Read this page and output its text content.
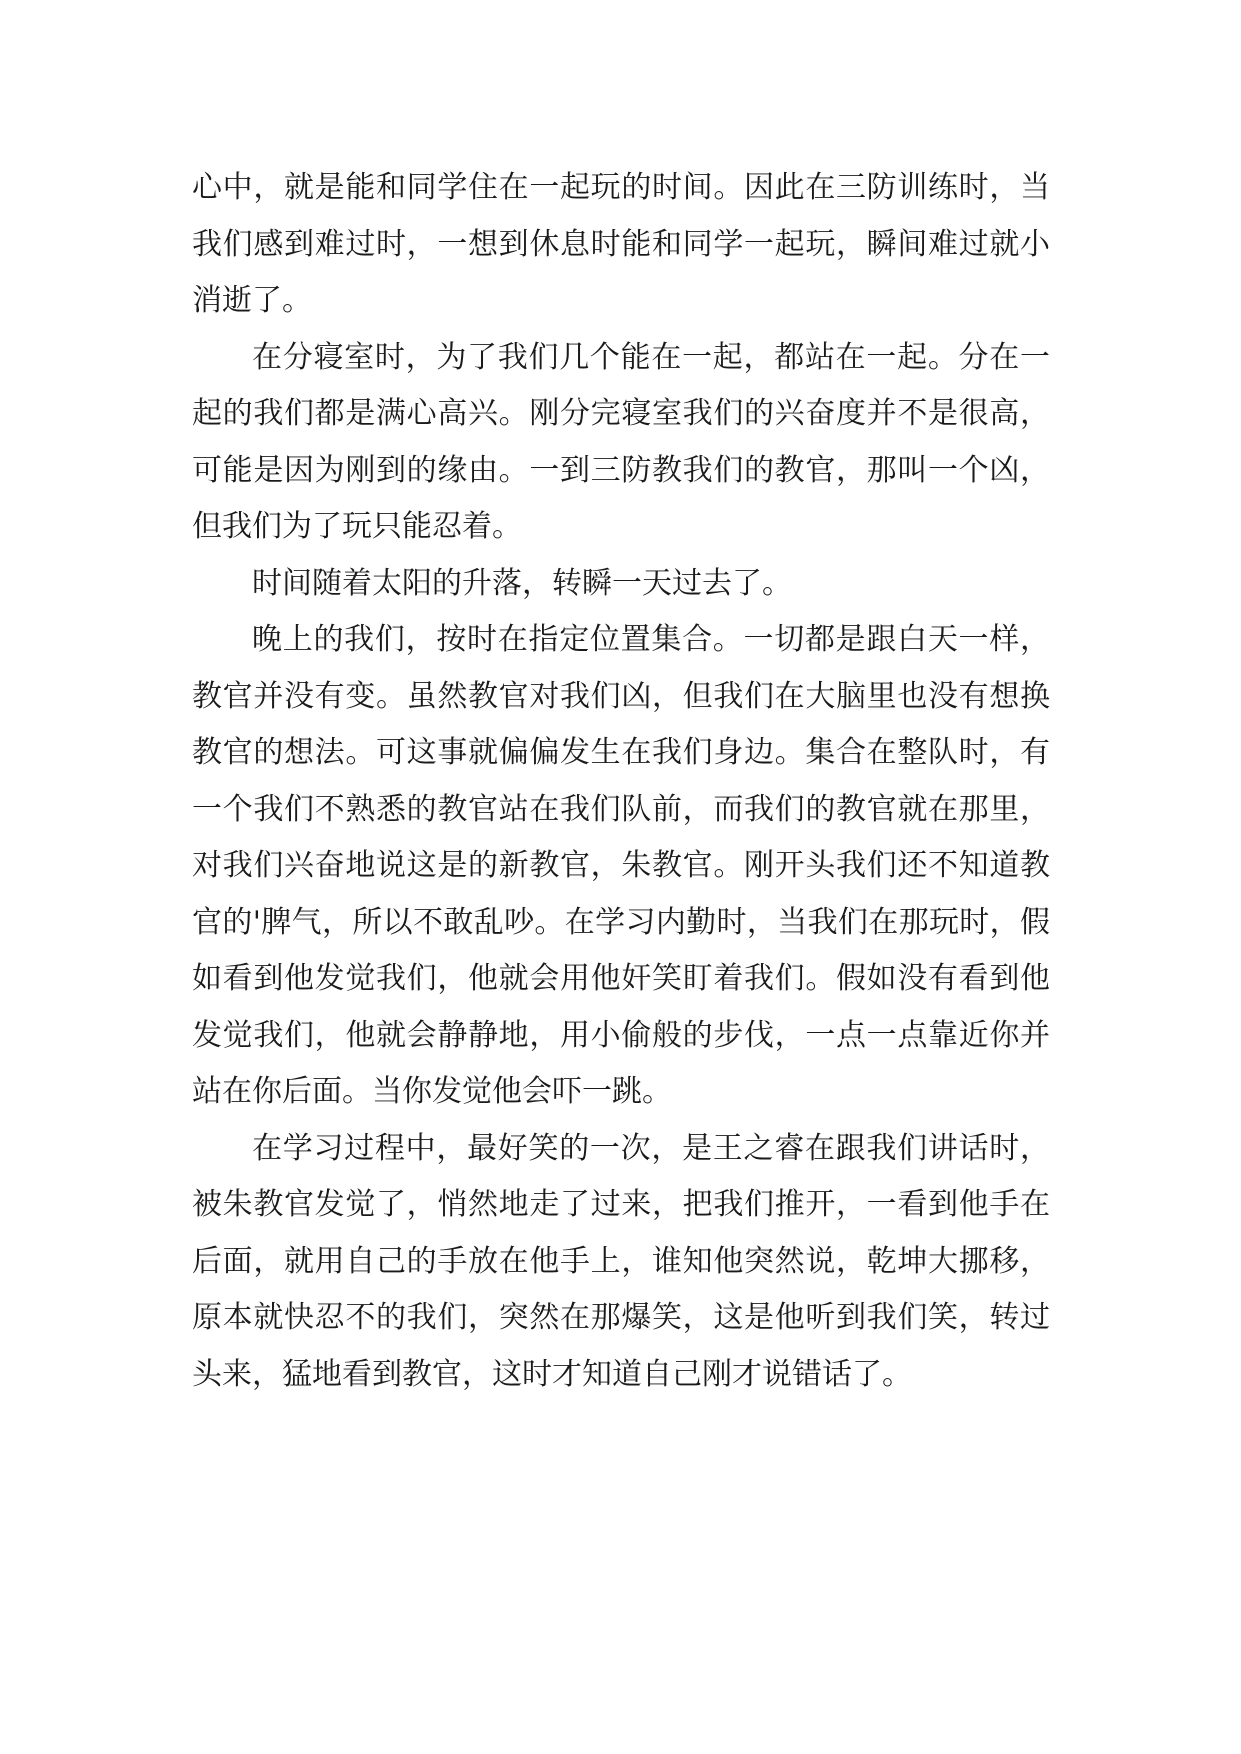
心中，就是能和同学住在一起玩的时间。因此在三防训练时，当我们感到难过时，一想到休息时能和同学一起玩，瞬间难过就小消逝了。

在分寝室时，为了我们几个能在一起，都站在一起。分在一起的我们都是满心高兴。刚分完寝室我们的兴奋度并不是很高，可能是因为刚到的缘由。一到三防教我们的教官，那叫一个凶，但我们为了玩只能忍着。

时间随着太阳的升落，转瞬一天过去了。

晚上的我们，按时在指定位置集合。一切都是跟白天一样，教官并没有变。虽然教官对我们凶，但我们在大脑里也没有想换教官的想法。可这事就偏偏发生在我们身边。集合在整队时，有一个我们不熟悉的教官站在我们队前，而我们的教官就在那里，对我们兴奋地说这是的新教官，朱教官。刚开头我们还不知道教官的'脾气，所以不敢乱吵。在学习内勤时，当我们在那玩时，假如看到他发觉我们，他就会用他奸笑盯着我们。假如没有看到他发觉我们，他就会静静地，用小偷般的步伐，一点一点靠近你并站在你后面。当你发觉他会吓一跳。

在学习过程中，最好笑的一次，是王之睿在跟我们讲话时，被朱教官发觉了，悄然地走了过来，把我们推开，一看到他手在后面，就用自己的手放在他手上，谁知他突然说，乾坤大挪移，原本就快忍不的我们，突然在那爆笑，这是他听到我们笑，转过头来，猛地看到教官，这时才知道自己刚才说错话了。
